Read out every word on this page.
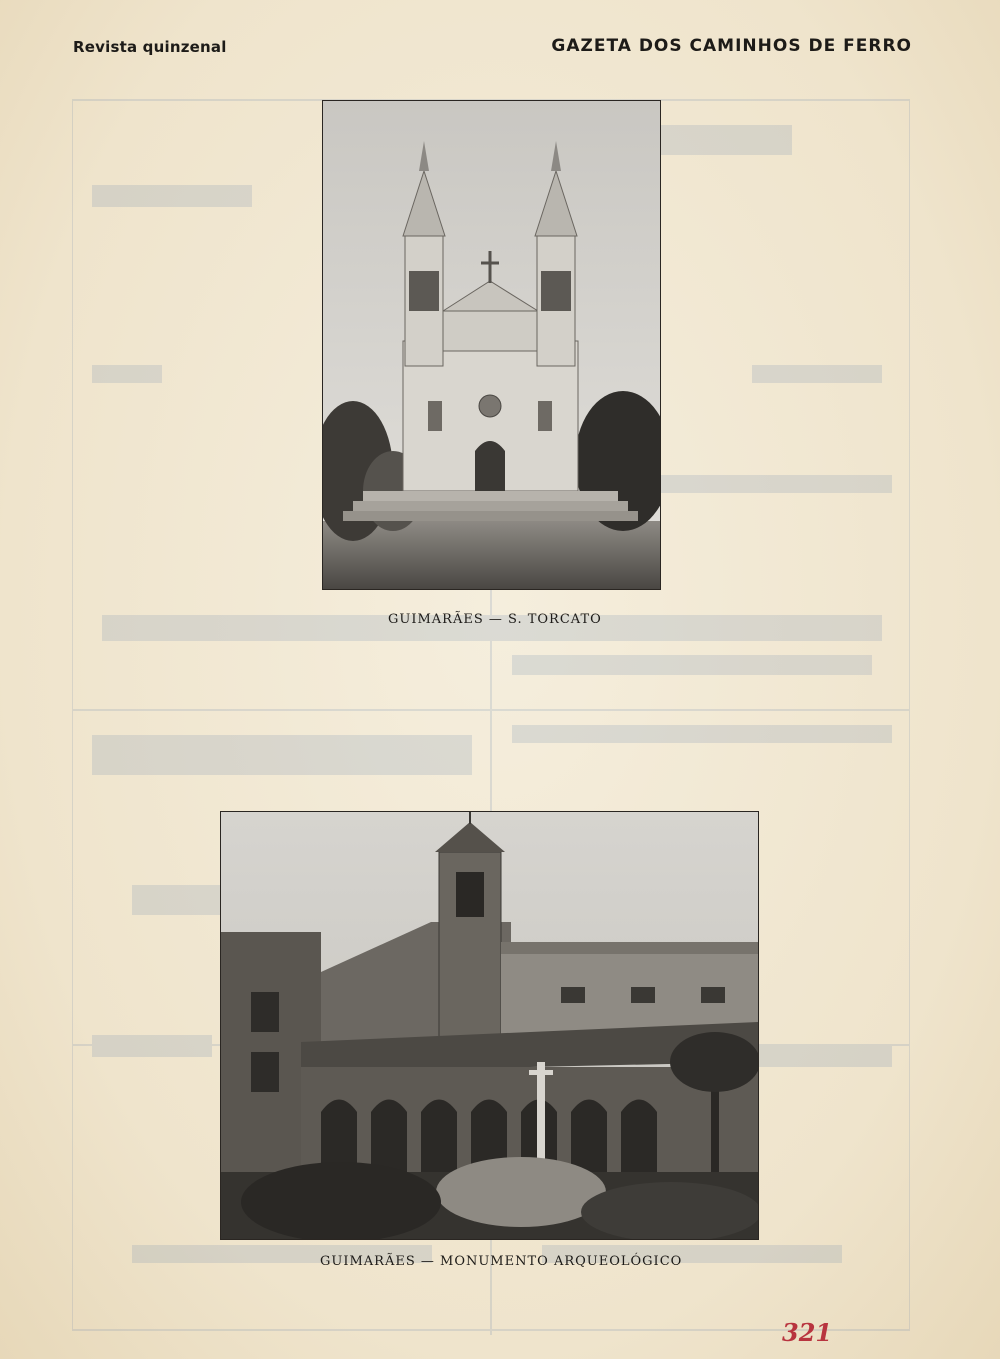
Revista quinzenal	GAZETA DOS CAMINHOS DE FERRO
GUIMARÃES — S. TORCATO
GUIMARÃES — MONUMENTO ARQUEOLÓGICO
321
